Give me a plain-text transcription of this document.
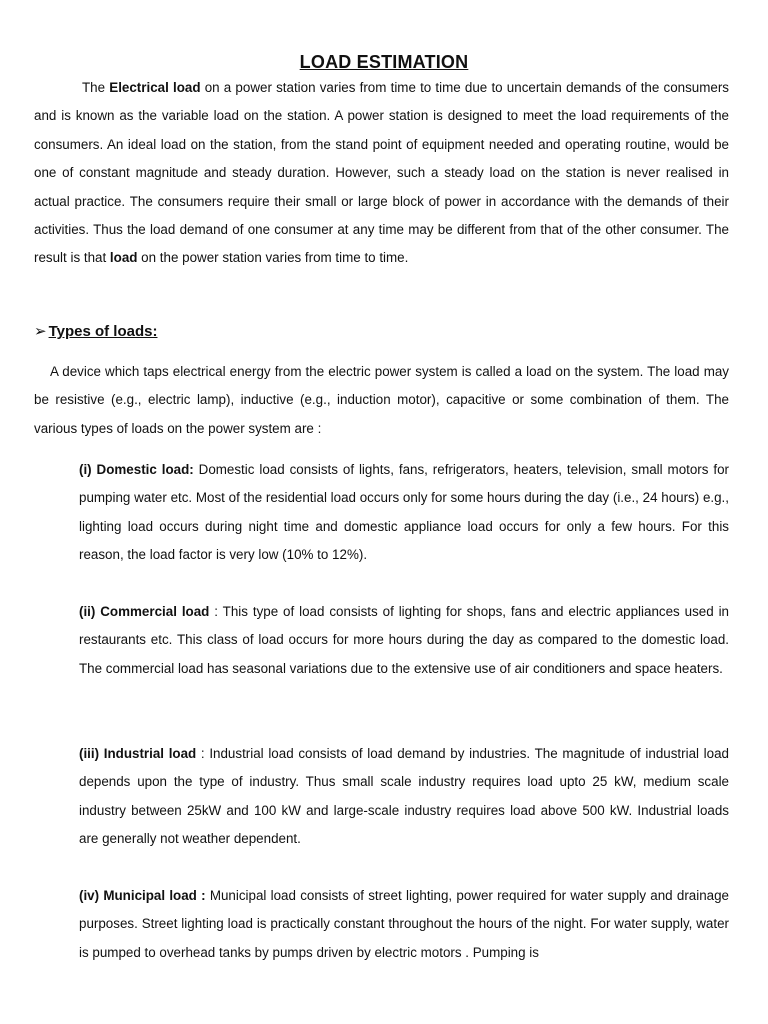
LOAD ESTIMATION

The Electrical load on a power station varies from time to time due to uncertain demands of the consumers and is known as the variable load on the station. A power station is designed to meet the load requirements of the consumers. An ideal load on the station, from the stand point of equipment needed and operating routine, would be one of constant magnitude and steady duration. However, such a steady load on the station is never realised in actual practice. The consumers require their small or large block of power in accordance with the demands of their activities. Thus the load demand of one consumer at any time may be different from that of the other consumer. The result is that load on the power station varies from time to time.

➢ Types of loads:

A device which taps electrical energy from the electric power system is called a load on the system. The load may be resistive (e.g., electric lamp), inductive (e.g., induction motor), capacitive or some combination of them. The various types of loads on the power system are :

(i) Domestic load: Domestic load consists of lights, fans, refrigerators, heaters, television, small motors for pumping water etc. Most of the residential load occurs only for some hours during the day (i.e., 24 hours) e.g., lighting load occurs during night time and domestic appliance load occurs for only a few hours. For this reason, the load factor is very low (10% to 12%).

(ii) Commercial load : This type of load consists of lighting for shops, fans and electric appliances used in restaurants etc. This class of load occurs for more hours during the day as compared to the domestic load. The commercial load has seasonal variations due to the extensive use of air conditioners and space heaters.

(iii) Industrial load : Industrial load consists of load demand by industries. The magnitude of industrial load depends upon the type of industry. Thus small scale industry requires load upto 25 kW, medium scale industry between 25kW and 100 kW and large-scale industry requires load above 500 kW. Industrial loads are generally not weather dependent.

(iv) Municipal load : Municipal load consists of street lighting, power required for water supply and drainage purposes. Street lighting load is practically constant throughout the hours of the night. For water supply, water is pumped to overhead tanks by pumps driven by electric motors . Pumping is
